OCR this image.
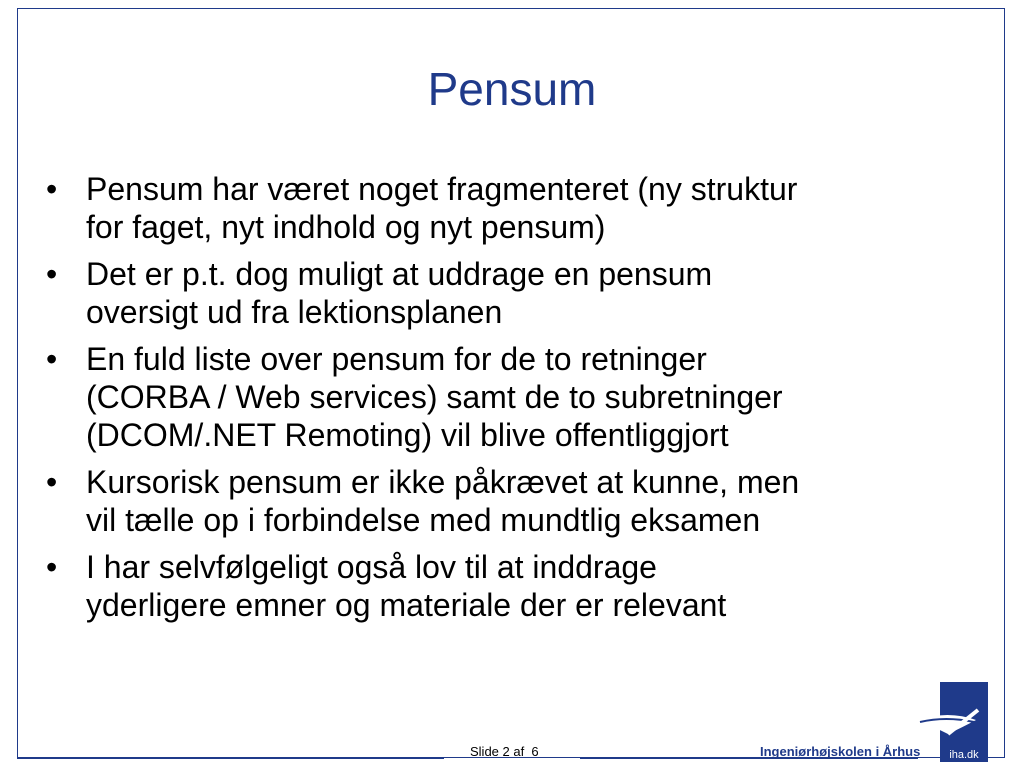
Pensum
• Pensum har været noget fragmenteret (ny struktur
for faget, nyt indhold og nyt pensum)
• Det er p.t. dog muligt at uddrage en pensum
oversigt ud fra lektionsplanen
• En fuld liste over pensum for de to retninger
(CORBA / Web services) samt de to subretninger
(DCOM/.NET Remoting) vil blive offentliggjort
• Kursorisk pensum er ikke påkrævet at kunne, men
vil tælle op i forbindelse med mundtlig eksamen
• I har selvfølgeligt også lov til at inddrage
yderligere emner og materiale der er relevant
Slide 2 af  6	Ingeniørhøjskolen i Århus	iha.dk
